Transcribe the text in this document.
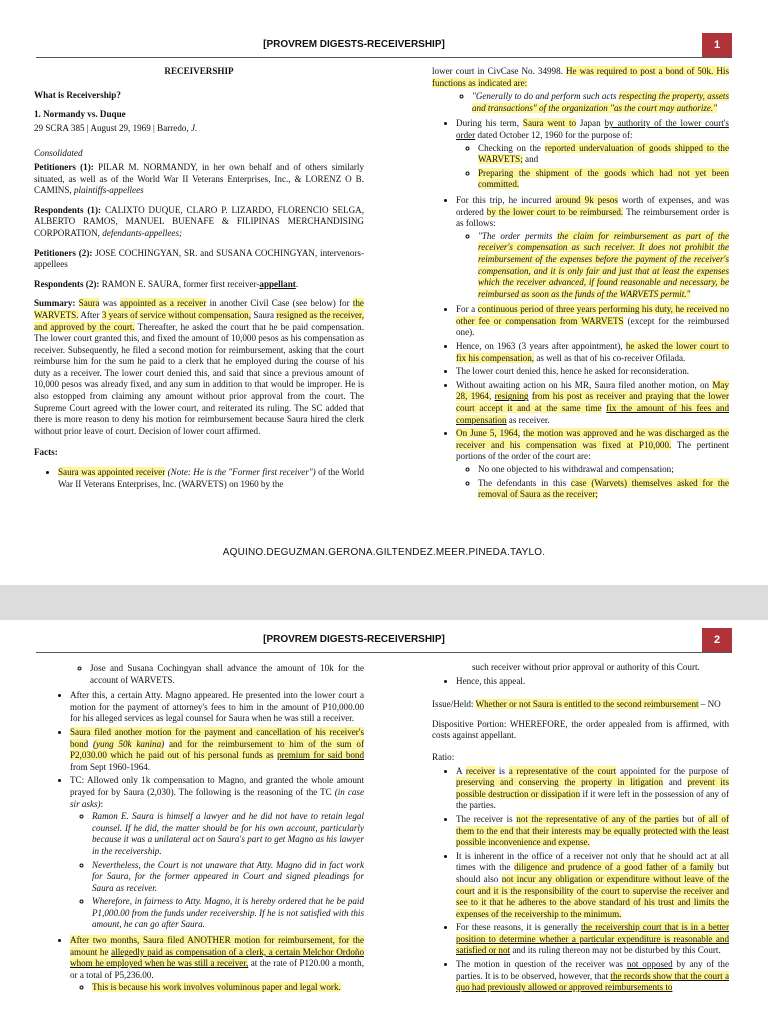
[PROVREM DIGESTS-RECEIVERSHIP]	1

RECEIVERSHIP

What is Receivership?

1. Normandy vs. Duque

29 SCRA 385 | August 29, 1969 | Barredo, J.

Consolidated

Petitioners (1): PILAR M. NORMANDY, in her own behalf and of others similarly situated, as well as of the World War II Veterans Enterprises, Inc., & LORENZ O B. CAMINS, plaintiffs-appellees

Respondents (1): CALIXTO DUQUE, CLARO P. LIZARDO, FLORENCIO SELGA, ALBERTO RAMOS, MANUEL BUENAFE & FILIPINAS MERCHANDISING CORPORATION, defendants-appellees;

Petitioners (2): JOSE COCHINGYAN, SR. and SUSANA COCHINGYAN, intervenors-appellees

Respondents (2): RAMON E. SAURA, former first receiver-appellant.

Summary: Saura was appointed as a receiver in another Civil Case (see below) for the WARVETS. After 3 years of service without compensation, Saura resigned as the receiver, and approved by the court. Thereafter, he asked the court that he be paid compensation. The lower court granted this, and fixed the amount of 10,000 pesos as his compensation as receiver. Subsequently, he filed a second motion for reimbursement, asking that the court reimburse him for the sum he paid to a clerk that he employed during the course of his duty as a receiver. The lower court denied this, and said that since a previous amount of 10,000 pesos was already fixed, and any sum in addition to that would be improper. He is also estopped from claiming any amount without prior approval from the court. The Supreme Court agreed with the lower court, and reiterated its ruling. The SC added that there is more reason to deny his motion for reimbursement because Saura hired the clerk without prior leave of court. Decision of lower court affirmed.

Facts:

• Saura was appointed receiver (Note: He is the "Former first receiver") of the World War II Veterans Enterprises, Inc. (WARVETS) on 1960 by the

lower court in CivCase No. 34998. He was required to post a bond of 50k. His functions as indicated are:

◦ "Generally to do and perform such acts respecting the property, assets and transactions" of the organization "as the court may authorize."
• During his term, Saura went to Japan by authority of the lower court's order dated October 12, 1960 for the purpose of:
◦ Checking on the reported undervaluation of goods shipped to the WARVETS; and
◦ Preparing the shipment of the goods which had not yet been committed.
• For this trip, he incurred around 9k pesos worth of expenses, and was ordered by the lower court to be reimbursed. The reimbursement order is as follows:
◦ "The order permits the claim for reimbursement as part of the receiver's compensation as such receiver. It does not prohibit the reimbursement of the expenses before the payment of the receiver's compensation, and it is only fair and just that at least the expenses which the receiver advanced, if found reasonable and necessary, be reimbursed as soon as the funds of the WARVETS permit."
• For a continuous period of three years performing his duty, he received no other fee or compensation from WARVETS (except for the reimbursed one).
• Hence, on 1963 (3 years after appointment), he asked the lower court to fix his compensation, as well as that of his co-receiver Ofilada.
• The lower court denied this, hence he asked for reconsideration.
• Without awaiting action on his MR, Saura filed another motion, on May 28, 1964, resigning from his post as receiver and praying that the lower court accept it and at the same time fix the amount of his fees and compensation as receiver.
• On June 5, 1964, the motion was approved and he was discharged as the receiver and his compensation was fixed at P10,000. The pertinent portions of the order of the court are:
◦ No one objected to his withdrawal and compensation;
◦ The defendants in this case (Warvets) themselves asked for the removal of Saura as the receiver;
AQUINO.DEGUZMAN.GERONA.GILTENDEZ.MEER.PINEDA.TAYLO.
[PROVREM DIGESTS-RECEIVERSHIP]	2
◦ Jose and Susana Cochingyan shall advance the amount of 10k for the account of WARVETS.
• After this, a certain Atty. Magno appeared. He presented into the lower court a motion for the payment of attorney's fees to him in the amount of P10,000.00 for his alleged services as legal counsel for Saura when he was still a receiver.
• Saura filed another motion for the payment and cancellation of his receiver's bond (yung 50k kanina) and for the reimbursement to him of the sum of P2,030.00 which he paid out of his personal funds as premium for said bond from Sept 1960-1964.
• TC: Allowed only 1k compensation to Magno, and granted the whole amount prayed for by Saura (2,030). The following is the reasoning of the TC (in case sir asks):
◦ Ramon E. Saura is himself a lawyer and he did not have to retain legal counsel. If he did, the matter should be for his own account, particularly because it was a unilateral act on Saura's part to get Magno as his lawyer in the receivership.
◦ Nevertheless, the Court is not unaware that Atty. Magno did in fact work for Saura, for the former appeared in Court and signed pleadings for Saura as receiver.
◦ Wherefore, in fairness to Atty. Magno, it is hereby ordered that he be paid P1,000.00 from the funds under receivership. If he is not satisfied with this amount, he can go after Saura.
• After two months, Saura filed ANOTHER motion for reimbursement, for the amount he allegedly paid as compensation of a clerk, a certain Melchor Ordoño whom he employed when he was still a receiver, at the rate of P120.00 a month, or a total of P5,236.00.
◦ This is because his work involves voluminous paper and legal work.

such receiver without prior approval or authority of this Court.

• Hence, this appeal.

Issue/Held: Whether or not Saura is entitled to the second reimbursement – NO

Dispositive Portion: WHEREFORE, the order appealed from is affirmed, with costs against appellant.

Ratio:

• A receiver is a representative of the court appointed for the purpose of preserving and conserving the property in litigation and prevent its possible destruction or dissipation if it were left in the possession of any of the parties.
• The receiver is not the representative of any of the parties but of all of them to the end that their interests may be equally protected with the least possible inconvenience and expense.
• It is inherent in the office of a receiver not only that he should act at all times with the diligence and prudence of a good father of a family but should also not incur any obligation or expenditure without leave of the court and it is the responsibility of the court to supervise the receiver and see to it that he adheres to the above standard of his trust and limits the expenses of the receivership to the minimum.
• For these reasons, it is generally the receivership court that is in a better position to determine whether a particular expenditure is reasonable and satisfied or not and its ruling thereon may not be disturbed by this Court.
• The motion in question of the receiver was not opposed by any of the parties. It is to be observed, however, that the records show that the court a quo had previously allowed or approved reimbursements to
